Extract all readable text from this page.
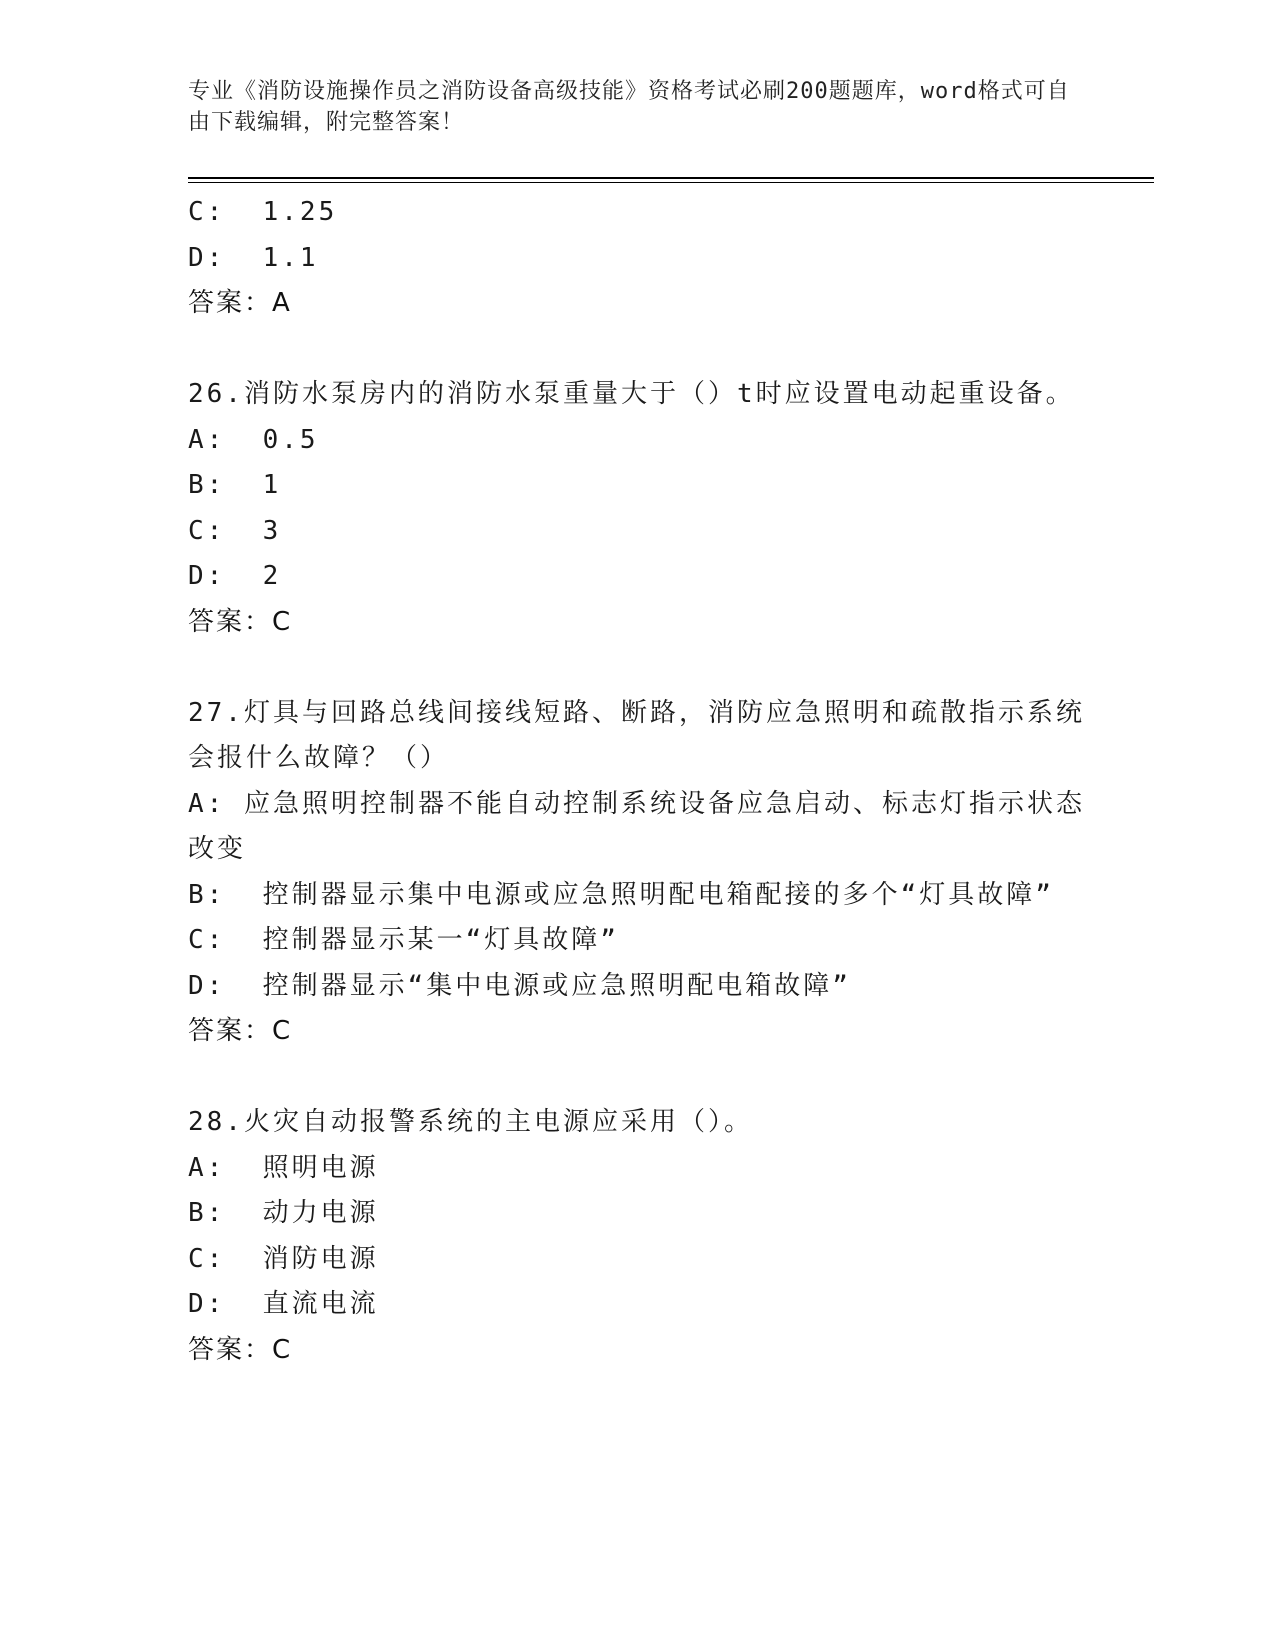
专业《消防设施操作员之消防设备高级技能》资格考试必刷200题题库，word格式可自由下载编辑，附完整答案！
C:  1.25
D:  1.1
答案：A
26.消防水泵房内的消防水泵重量大于（）t时应设置电动起重设备。
A:  0.5
B:  1
C:  3
D:  2
答案：C
27.灯具与回路总线间接线短路、断路，消防应急照明和疏散指示系统会报什么故障？（）
A: 应急照明控制器不能自动控制系统设备应急启动、标志灯指示状态改变
B:  控制器显示集中电源或应急照明配电箱配接的多个“灯具故障”
C:  控制器显示某一“灯具故障”
D:  控制器显示“集中电源或应急照明配电箱故障”
答案：C
28.火灾自动报警系统的主电源应采用（）。
A:  照明电源
B:  动力电源
C:  消防电源
D:  直流电流
答案：C
